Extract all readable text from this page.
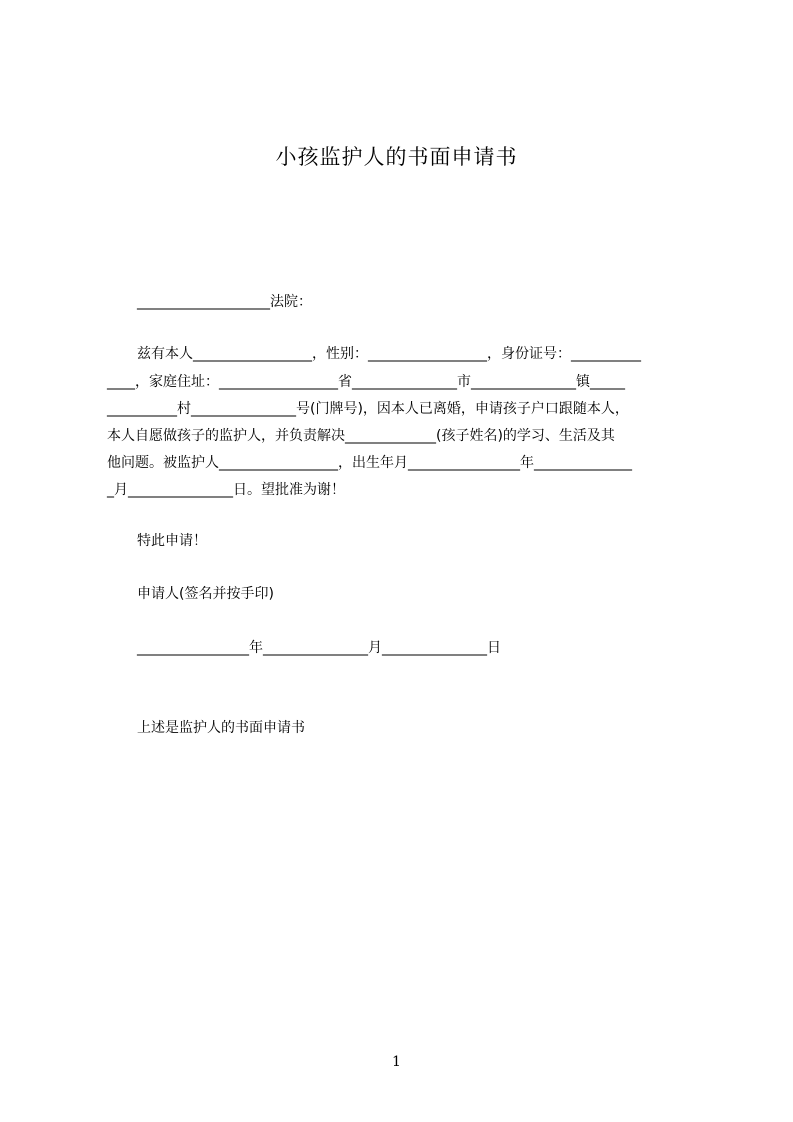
小孩监护人的书面申请书
___________________法院：
兹有本人_________________，性别：_________________，身份证号：__________
____，家庭住址：_________________省_______________市_______________镇_____
__________村_______________号(门牌号)，因本人已离婚，申请孩子户口跟随本人，
本人自愿做孩子的监护人，并负责解决_____________(孩子姓名)的学习、生活及其
他问题。被监护人_________________，出生年月________________年______________
_月_______________日。望批准为谢！
特此申请！
申请人(签名并按手印)
________________年_______________月_______________日
上述是监护人的书面申请书
1
